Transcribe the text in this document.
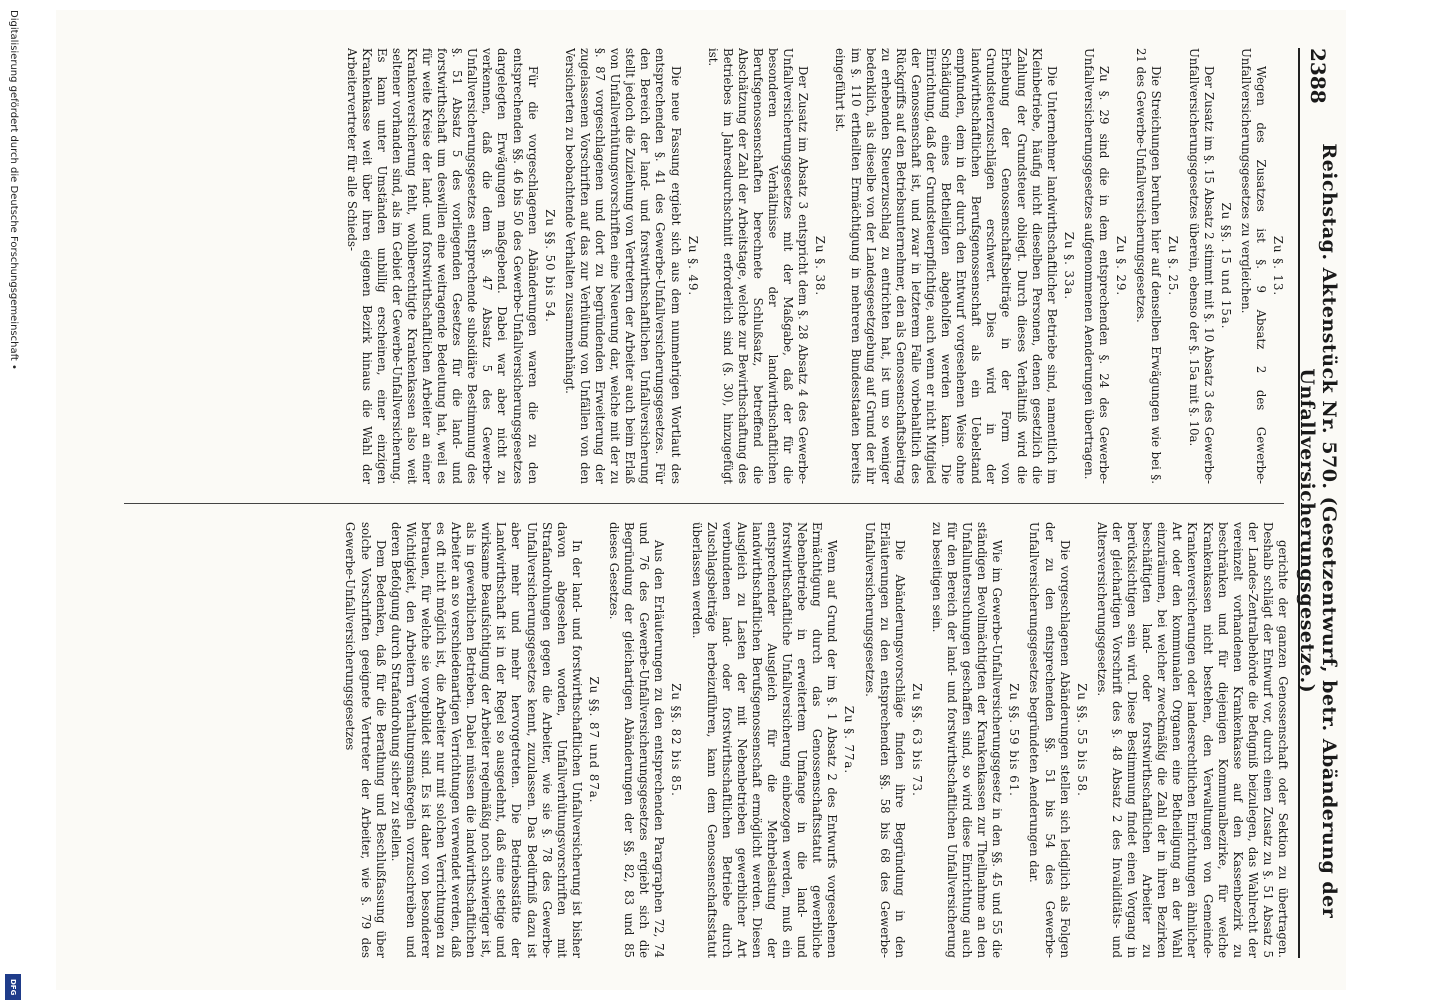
2388
Reichstag. Aktenstück Nr. 570. (Gesetzentwurf, betr. Abänderung der Unfallversicherungsgesetze.)
Zu §. 13.

Wegen des Zusatzes ist §. 9 Absatz 2 des Gewerbe-Unfallversicherungsgesetzes zu vergleichen.

Zu §§. 15 und 15a.

Der Zusatz im §. 15 Absatz 2 stimmt mit §. 10 Absatz 3 des Gewerbe-Unfallversicherungsgesetzes überein, ebenso der §. 15a mit §. 10a.

Zu §. 25.

Die Streichungen beruhen hier auf denselben Erwägungen wie bei §. 21 des Gewerbe-Unfallversicherungsgesetzes.

Zu §. 29.

Zu §. 29 sind die in dem entsprechenden §. 24 des Gewerbe-Unfallversicherungsgesetzes aufgenommenen Aenderungen übertragen.

Zu §. 33a.

Die Unternehmer landwirthschaftlicher Betriebe sind, namentlich im Kleinbetriebe, häufig nicht dieselben Personen, denen gesetzlich die Zahlung der Grundsteuer obliegt. Durch dieses Verhältniß wird die Erhebung der Genossenschaftsbeiträge in der Form von Grundsteuerzuschlägen erschwert. Dies wird in der landwirthschaftlichen Berufsgenossenschaft als ein Uebelstand empfunden, dem in der durch den Entwurf vorgesehenen Weise ohne Schädigung eines Betheiligten abgeholfen werden kann. Die Einrichtung, daß der Grundsteuerpflichtige, auch wenn er nicht Mitglied der Genossenschaft ist, und zwar in letzterem Falle vorbehaltlich des Rückgriffs auf den Betriebsunternehmer, den als Genossenschaftsbeitrag zu erhebenden Steuerzuschlag zu entrichten hat, ist um so weniger bedenklich, als dieselbe von der Landesgesetzgebung auf Grund der ihr im §. 110 ertheilten Ermächtigung in mehreren Bundesstaaten bereits eingeführt ist.

Zu §. 38.

Der Zusatz im Absatz 3 entspricht dem §. 28 Absatz 4 des Gewerbe-Unfallversicherungsgesetzes mit der Maßgabe, daß der für die besonderen Verhältnisse der landwirthschaftlichen Berufsgenossenschaften berechnete Schlußsatz, betreffend die Abschätzung der Zahl der Arbeitstage, welche zur Bewirthschaftung des Betriebes im Jahresdurchschnitt erforderlich sind (§. 30), hinzugefügt ist.

Zu §. 49.

Die neue Fassung ergiebt sich aus dem nunmehrigen Wortlaut des entsprechenden §. 41 des Gewerbe-Unfallversicherungsgesetzes. Für den Bereich der land- und forstwirthschaftlichen Unfallversicherung stellt jedoch die Zuziehung von Vertretern der Arbeiter auch beim Erlaß von Unfallverhütungsvorschriften eine Neuerung dar, welche mit der zu §. 87 vorgeschlagenen und dort zu begründenden Erweiterung der zugelassenen Vorschriften auf das zur Verhütung von Unfällen von den Versicherten zu beobachtende Verhalten zusammenhängt.

Zu §§. 50 bis 54.

Für die vorgeschlagenen Abänderungen waren die zu den entsprechenden §§. 46 bis 50 des Gewerbe-Unfallversicherungsgesetzes dargelegten Erwägungen maßgebend. Dabei war aber nicht zu verkennen, daß die dem §. 47 Absatz 5 des Gewerbe-Unfallversicherungsgesetzes entsprechende subsidiäre Bestimmung des §. 51 Absatz 5 des vorliegenden Gesetzes für die land- und forstwirthschaft um deswillen eine weitragende Bedeutung hat, weil es für weite Kreise der land- und forstwirthschaftlichen Arbeiter an einer Krankenversicherung fehlt, wohlberechtigte Krankenkassen also weit seltener vorhanden sind, als im Gebiet der Gewerbe-Unfallversicherung. Es kann unter Umständen unbillig erscheinen, einer einzigen Krankenkasse weit über ihren eigenen Bezirk hinaus die Wahl der Arbeitervertreter für alle Schieds-

gerichte der ganzen Genossenschaft oder Sektion zu übertragen. Deshalb schlägt der Entwurf vor, durch einen Zusatz zu §. 51 Absatz 5 der Landes-Zentralbehörde die Befugniß beizulegen, das Wahlrecht der vereinzelt vorhandenen Krankenkasse auf den Kassenbezirk zu beschränken und für diejenigen Kommunalbezirke, für welche Krankenkassen nicht bestehen, den Verwaltungen von Gemeinde-Krankenversicherungen oder landesrechtlichen Einrichtungen ähnlicher Art oder den kommunalen Organen eine Betheiligung an der Wahl einzuräumen, bei welcher zweckmäßig die Zahl der in ihren Bezirken beschäftigten land- oder forstwirthschaftlichen Arbeiter zu berücksichtigen sein wird. Diese Bestimmung findet einen Vorgang in der gleichartigen Vorschrift des §. 48 Absatz 2 des Invaliditäts- und Altersversicherungsgesetzes.

Zu §§. 55 bis 58.

Die vorgeschlagenen Abänderungen stellen sich lediglich als Folgen der zu den entsprechenden §§. 51 bis 54 des Gewerbe-Unfallversicherungsgesetzes begründeten Aenderungen dar.

Zu §§. 59 bis 61.

Wie im Gewerbe-Unfallversicherungsgesetz in den §§. 45 und 55 die ständigen Bevollmächtigten der Krankenkassen zur Theilnahme an den Unfalluntersuchungen geschaffen sind, so wird diese Einrichtung auch für den Bereich der land- und forstwirthschaftlichen Unfallversicherung zu beseitigen sein.

Zu §§. 63 bis 73.

Die Abänderungsvorschläge finden ihre Begründung in den Erläuterungen zu den entsprechenden §§. 58 bis 68 des Gewerbe-Unfallversicherungsgesetzes.

Zu §. 77a.

Wenn auf Grund der im §. 1 Absatz 2 des Entwurfs vorgesehenen Ermächtigung durch das Genossenschaftsstatut gewerbliche Nebenbetriebe in erweitertem Umfange in die land- und forstwirthschaftliche Unfallversicherung einbezogen werden, muß ein entsprechender Ausgleich für die Mehrbelastung der landwirthschaftlichen Berufsgenossenschaft ermöglicht werden. Diesen Ausgleich zu Lasten der mit Nebenbetrieben gewerblicher Art verbundenen land- oder forstwirthschaftlichen Betriebe durch Zuschlagsbeiträge herbeizuführen, kann dem Genossenschaftsstatut überlassen werden.

Zu §§. 82 bis 85.

Aus den Erläuterungen zu den entsprechenden Paragraphen 72, 74 und 76 des Gewerbe-Unfallversicherungsgesetzes ergiebt sich die Begründung der gleichartigen Abänderungen der §§. 82, 83 und 85 dieses Gesetzes.

Zu §§. 87 und 87a.

In der land- und forstwirthschaftlichen Unfallversicherung ist bisher davon abgesehen worden, Unfallverhütungsvorschriften mit Strafandrohungen gegen die Arbeiter, wie sie §. 78 des Gewerbe-Unfallversicherungsgesetzes kennt, zuzulassen. Das Bedürfniß dazu ist aber mehr und mehr hervorgetreten. Die Betriebsstätte der Landwirthschaft ist in der Regel so ausgedehnt, daß eine stetige und wirksame Beaufsichtigung der Arbeiter regelmäßig noch schwieriger ist, als in gewerblichen Betrieben. Dabei müssen die landwirthschaftlichen Arbeiter an so verschiedenartigen Verrichtungen verwendet werden, daß es oft nicht möglich ist, die Arbeiter nur mit solchen Verrichtungen zu betrauen, für welche sie vorgebildet sind. Es ist daher von besonderer Wichtigkeit, den Arbeitern Verhaltungsmaßregeln vorzuschreiben und deren Befolgung durch Strafandrohung sicher zu stellen.

Dem Bedenken, daß für die Berathung und Beschlußfassung über solche Vorschriften geeignete Vertreter der Arbeiter, wie §. 79 des Gewerbe-Unfallversicherungsgesetzes

Digitalisierung gefördert durch die Deutsche Forschungsgemeinschaft •
DFG
